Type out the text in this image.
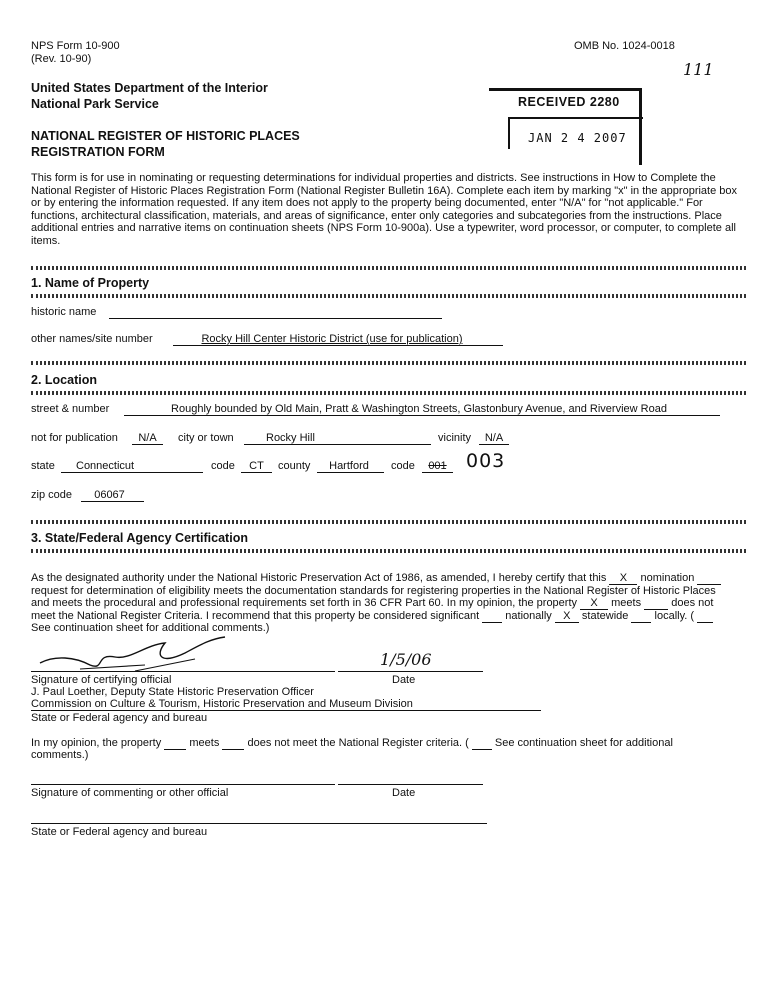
NPS Form 10-900
(Rev. 10-90)
OMB No. 1024-0018
111
United States Department of the Interior
National Park Service
NATIONAL REGISTER OF HISTORIC PLACES
REGISTRATION FORM
RECEIVED 2280
JAN 2 4 2007
This form is for use in nominating or requesting determinations for individual properties and districts. See instructions in How to Complete the National Register of Historic Places Registration Form (National Register Bulletin 16A). Complete each item by marking "x" in the appropriate box or by entering the information requested. If any item does not apply to the property being documented, enter "N/A" for "not applicable." For functions, architectural classification, materials, and areas of significance, enter only categories and subcategories from the instructions. Place additional entries and narrative items on continuation sheets (NPS Form 10-900a). Use a typewriter, word processor, or computer, to complete all items.
1. Name of Property
historic name
other names/site number	Rocky Hill Center Historic District (use for publication)
2. Location
street & number	Roughly bounded by Old Main, Pratt & Washington Streets, Glastonbury Avenue, and Riverview Road
not for publication	N/A	city or town	Rocky Hill	vicinity	N/A
state Connecticut	code	CT	county	Hartford	code	001	003
zip code	06067
3. State/Federal Agency Certification
As the designated authority under the National Historic Preservation Act of 1986, as amended, I hereby certify that this X nomination
request for determination of eligibility meets the documentation standards for registering properties in the National Register of Historic Places
and meets the procedural and professional requirements set forth in 36 CFR Part 60. In my opinion, the property X meets	does not
meet the National Register Criteria. I recommend that this property be considered significant nationally X statewide locally. (
See continuation sheet for additional comments.)
1/5/06
Signature of certifying official	Date
J. Paul Loether, Deputy State Historic Preservation Officer
Commission on Culture & Tourism, Historic Preservation and Museum Division
State or Federal agency and bureau
In my opinion, the property	meets	does not meet the National Register criteria. ( See continuation sheet for additional
comments.)
Signature of commenting or other official	Date
State or Federal agency and bureau
